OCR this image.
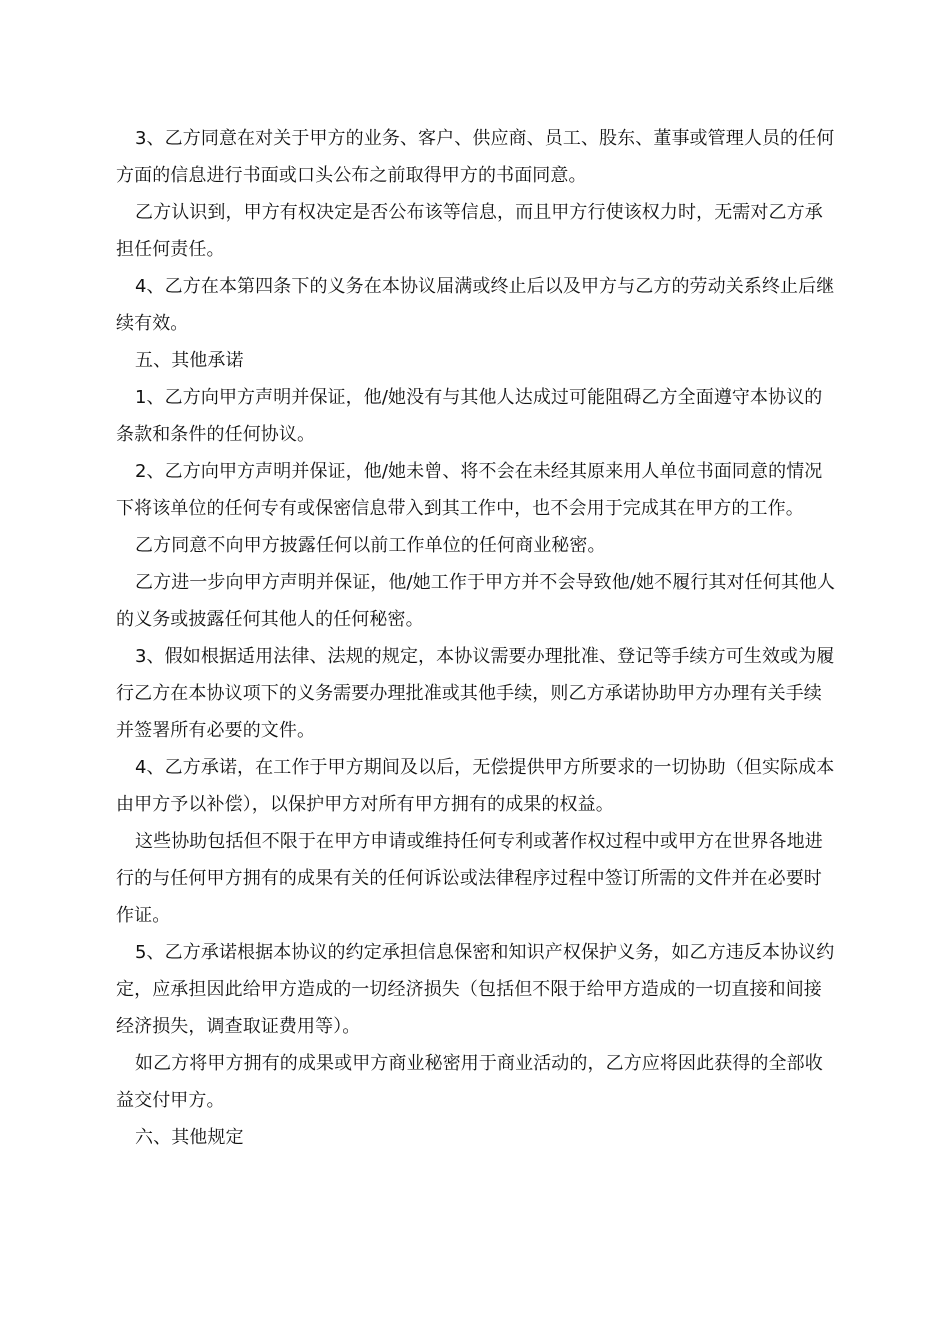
3、乙方同意在对关于甲方的业务、客户、供应商、员工、股东、董事或管理人员的任何方面的信息进行书面或口头公布之前取得甲方的书面同意。

乙方认识到，甲方有权决定是否公布该等信息，而且甲方行使该权力时，无需对乙方承担任何责任。

4、乙方在本第四条下的义务在本协议届满或终止后以及甲方与乙方的劳动关系终止后继续有效。

五、其他承诺

1、乙方向甲方声明并保证，他/她没有与其他人达成过可能阻碍乙方全面遵守本协议的条款和条件的任何协议。

2、乙方向甲方声明并保证，他/她未曾、将不会在未经其原来用人单位书面同意的情况下将该单位的任何专有或保密信息带入到其工作中，也不会用于完成其在甲方的工作。

乙方同意不向甲方披露任何以前工作单位的任何商业秘密。

乙方进一步向甲方声明并保证，他/她工作于甲方并不会导致他/她不履行其对任何其他人的义务或披露任何其他人的任何秘密。

3、假如根据适用法律、法规的规定，本协议需要办理批准、登记等手续方可生效或为履行乙方在本协议项下的义务需要办理批准或其他手续，则乙方承诺协助甲方办理有关手续并签署所有必要的文件。

4、乙方承诺，在工作于甲方期间及以后，无偿提供甲方所要求的一切协助（但实际成本由甲方予以补偿），以保护甲方对所有甲方拥有的成果的权益。

这些协助包括但不限于在甲方申请或维持任何专利或著作权过程中或甲方在世界各地进行的与任何甲方拥有的成果有关的任何诉讼或法律程序过程中签订所需的文件并在必要时作证。

5、乙方承诺根据本协议的约定承担信息保密和知识产权保护义务，如乙方违反本协议约定，应承担因此给甲方造成的一切经济损失（包括但不限于给甲方造成的一切直接和间接经济损失，调查取证费用等）。

如乙方将甲方拥有的成果或甲方商业秘密用于商业活动的，乙方应将因此获得的全部收益交付甲方。

六、其他规定
